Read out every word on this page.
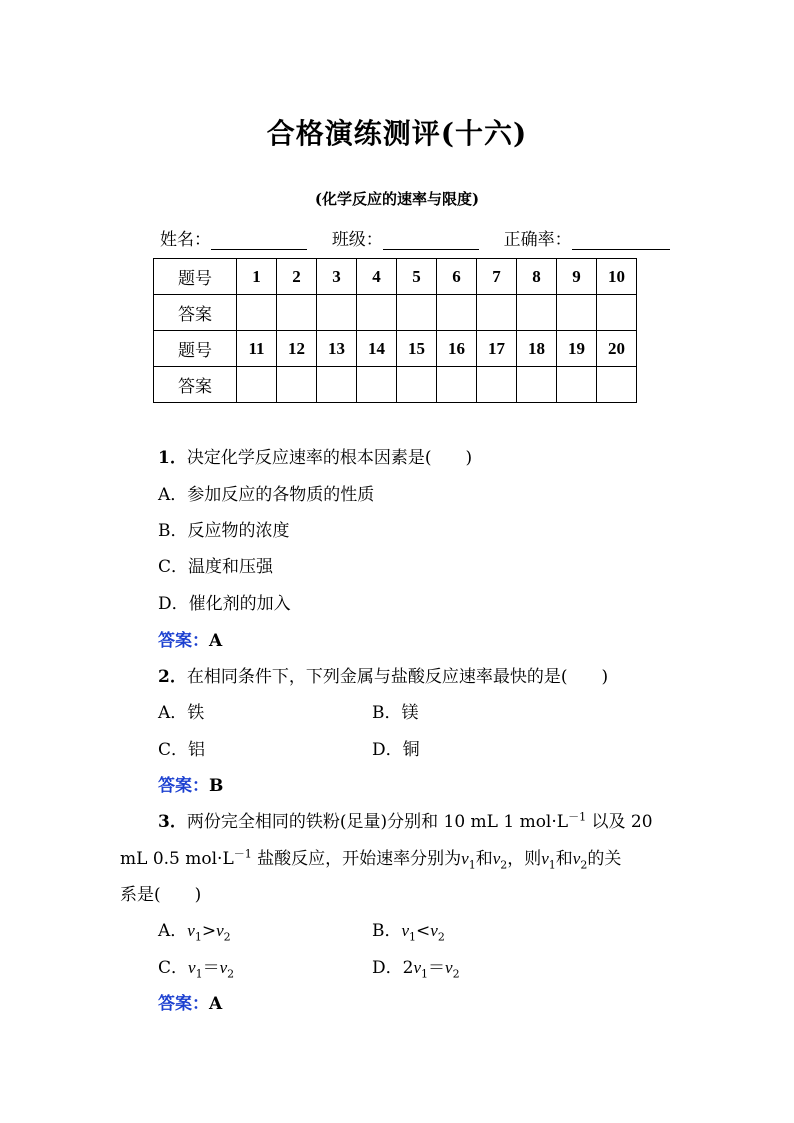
合格演练测评(十六)
(化学反应的速率与限度)
姓名：	班级：	正确率：
题号	1	2	3	4	5	6	7	8	9	10
答案										
题号	11	12	13	14	15	16	17	18	19	20
答案										
1．决定化学反应速率的根本因素是(　　)
A．参加反应的各物质的性质
B．反应物的浓度
C．温度和压强
D．催化剂的加入
答案：A
2．在相同条件下，下列金属与盐酸反应速率最快的是(　　)
A．铁	B．镁
C．铝	D．铜
答案：B
3．两份完全相同的铁粉(足量)分别和 10 mL 1 $mol\cdot L^{-1}$ 以及 20
mL 0.5 $mol\cdot L^{-1}$ 盐酸反应，开始速率分别为$v_1$和$v_2$，则$v_1$和$v_2$的关
系是(　　)
A．$v_1>v_2$	B．$v_1<v_2$
C．$v_1=v_2$	D．$2v_1=v_2$
答案：A
